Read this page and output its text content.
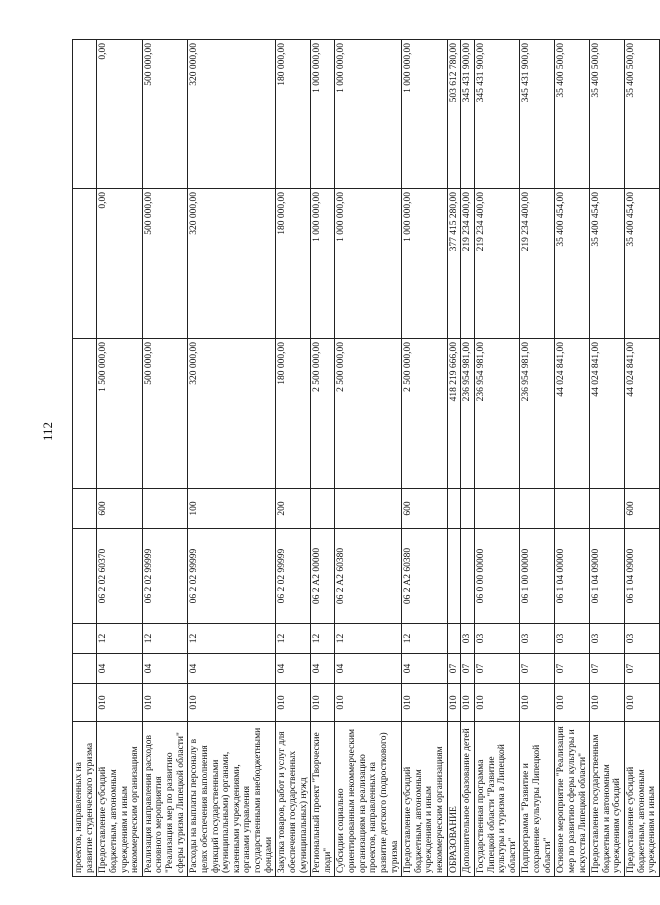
112
проектов, направленных на развитие студенческого туризма								
Предоставление субсидий бюджетным, автономным учреждениям и иным некоммерческим организациям	010	04	12	06 2 02 60370	600	1 500 000,00	0,00	0,00
Реализация направления расходов основного мероприятия "Реализация мер по развитию сферы туризма Липецкой области"	010	04	12	06 2 02 99999		500 000,00	500 000,00	500 000,00
Расходы на выплаты персоналу в целях обеспечения выполнения функций государственными (муниципальными) органами, казенными учреждениями, органами управления государственными внебюджетными фондами	010	04	12	06 2 02 99999	100	320 000,00	320 000,00	320 000,00
Закупка товаров, работ и услуг для обеспечения государственных (муниципальных) нужд	010	04	12	06 2 02 99999	200	180 000,00	180 000,00	180 000,00
Региональный проект "Творческие люди"	010	04	12	06 2 A2 00000		2 500 000,00	1 000 000,00	1 000 000,00
Субсидии социально ориентированным некоммерческим организациям на реализацию проектов, направленных на развитие детского (подросткового) туризма	010	04	12	06 2 A2 60380		2 500 000,00	1 000 000,00	1 000 000,00
Предоставление субсидий бюджетным, автономным учреждениям и иным некоммерческим организациям	010	04	12	06 2 A2 60380	600	2 500 000,00	1 000 000,00	1 000 000,00
ОБРАЗОВАНИЕ	010	07				418 219 666,00	377 415 280,00	503 612 780,00
Дополнительное образование детей	010	07	03			236 954 981,00	219 234 400,00	345 431 900,00
Государственная программа Липецкой области "Развитие культуры и туризма в Липецкой области"	010	07	03	06 0 00 00000		236 954 981,00	219 234 400,00	345 431 900,00
Подпрограмма "Развитие и сохранение культуры Липецкой области"	010	07	03	06 1 00 00000		236 954 981,00	219 234 400,00	345 431 900,00
Основное мероприятие "Реализация мер по развитию сферы культуры и искусства Липецкой области"	010	07	03	06 1 04 00000		44 024 841,00	35 400 454,00	35 400 500,00
Предоставление государственным бюджетным и автономным учреждениям субсидий	010	07	03	06 1 04 09000		44 024 841,00	35 400 454,00	35 400 500,00
Предоставление субсидий бюджетным, автономным учреждениям и иным	010	07	03	06 1 04 09000	600	44 024 841,00	35 400 454,00	35 400 500,00
